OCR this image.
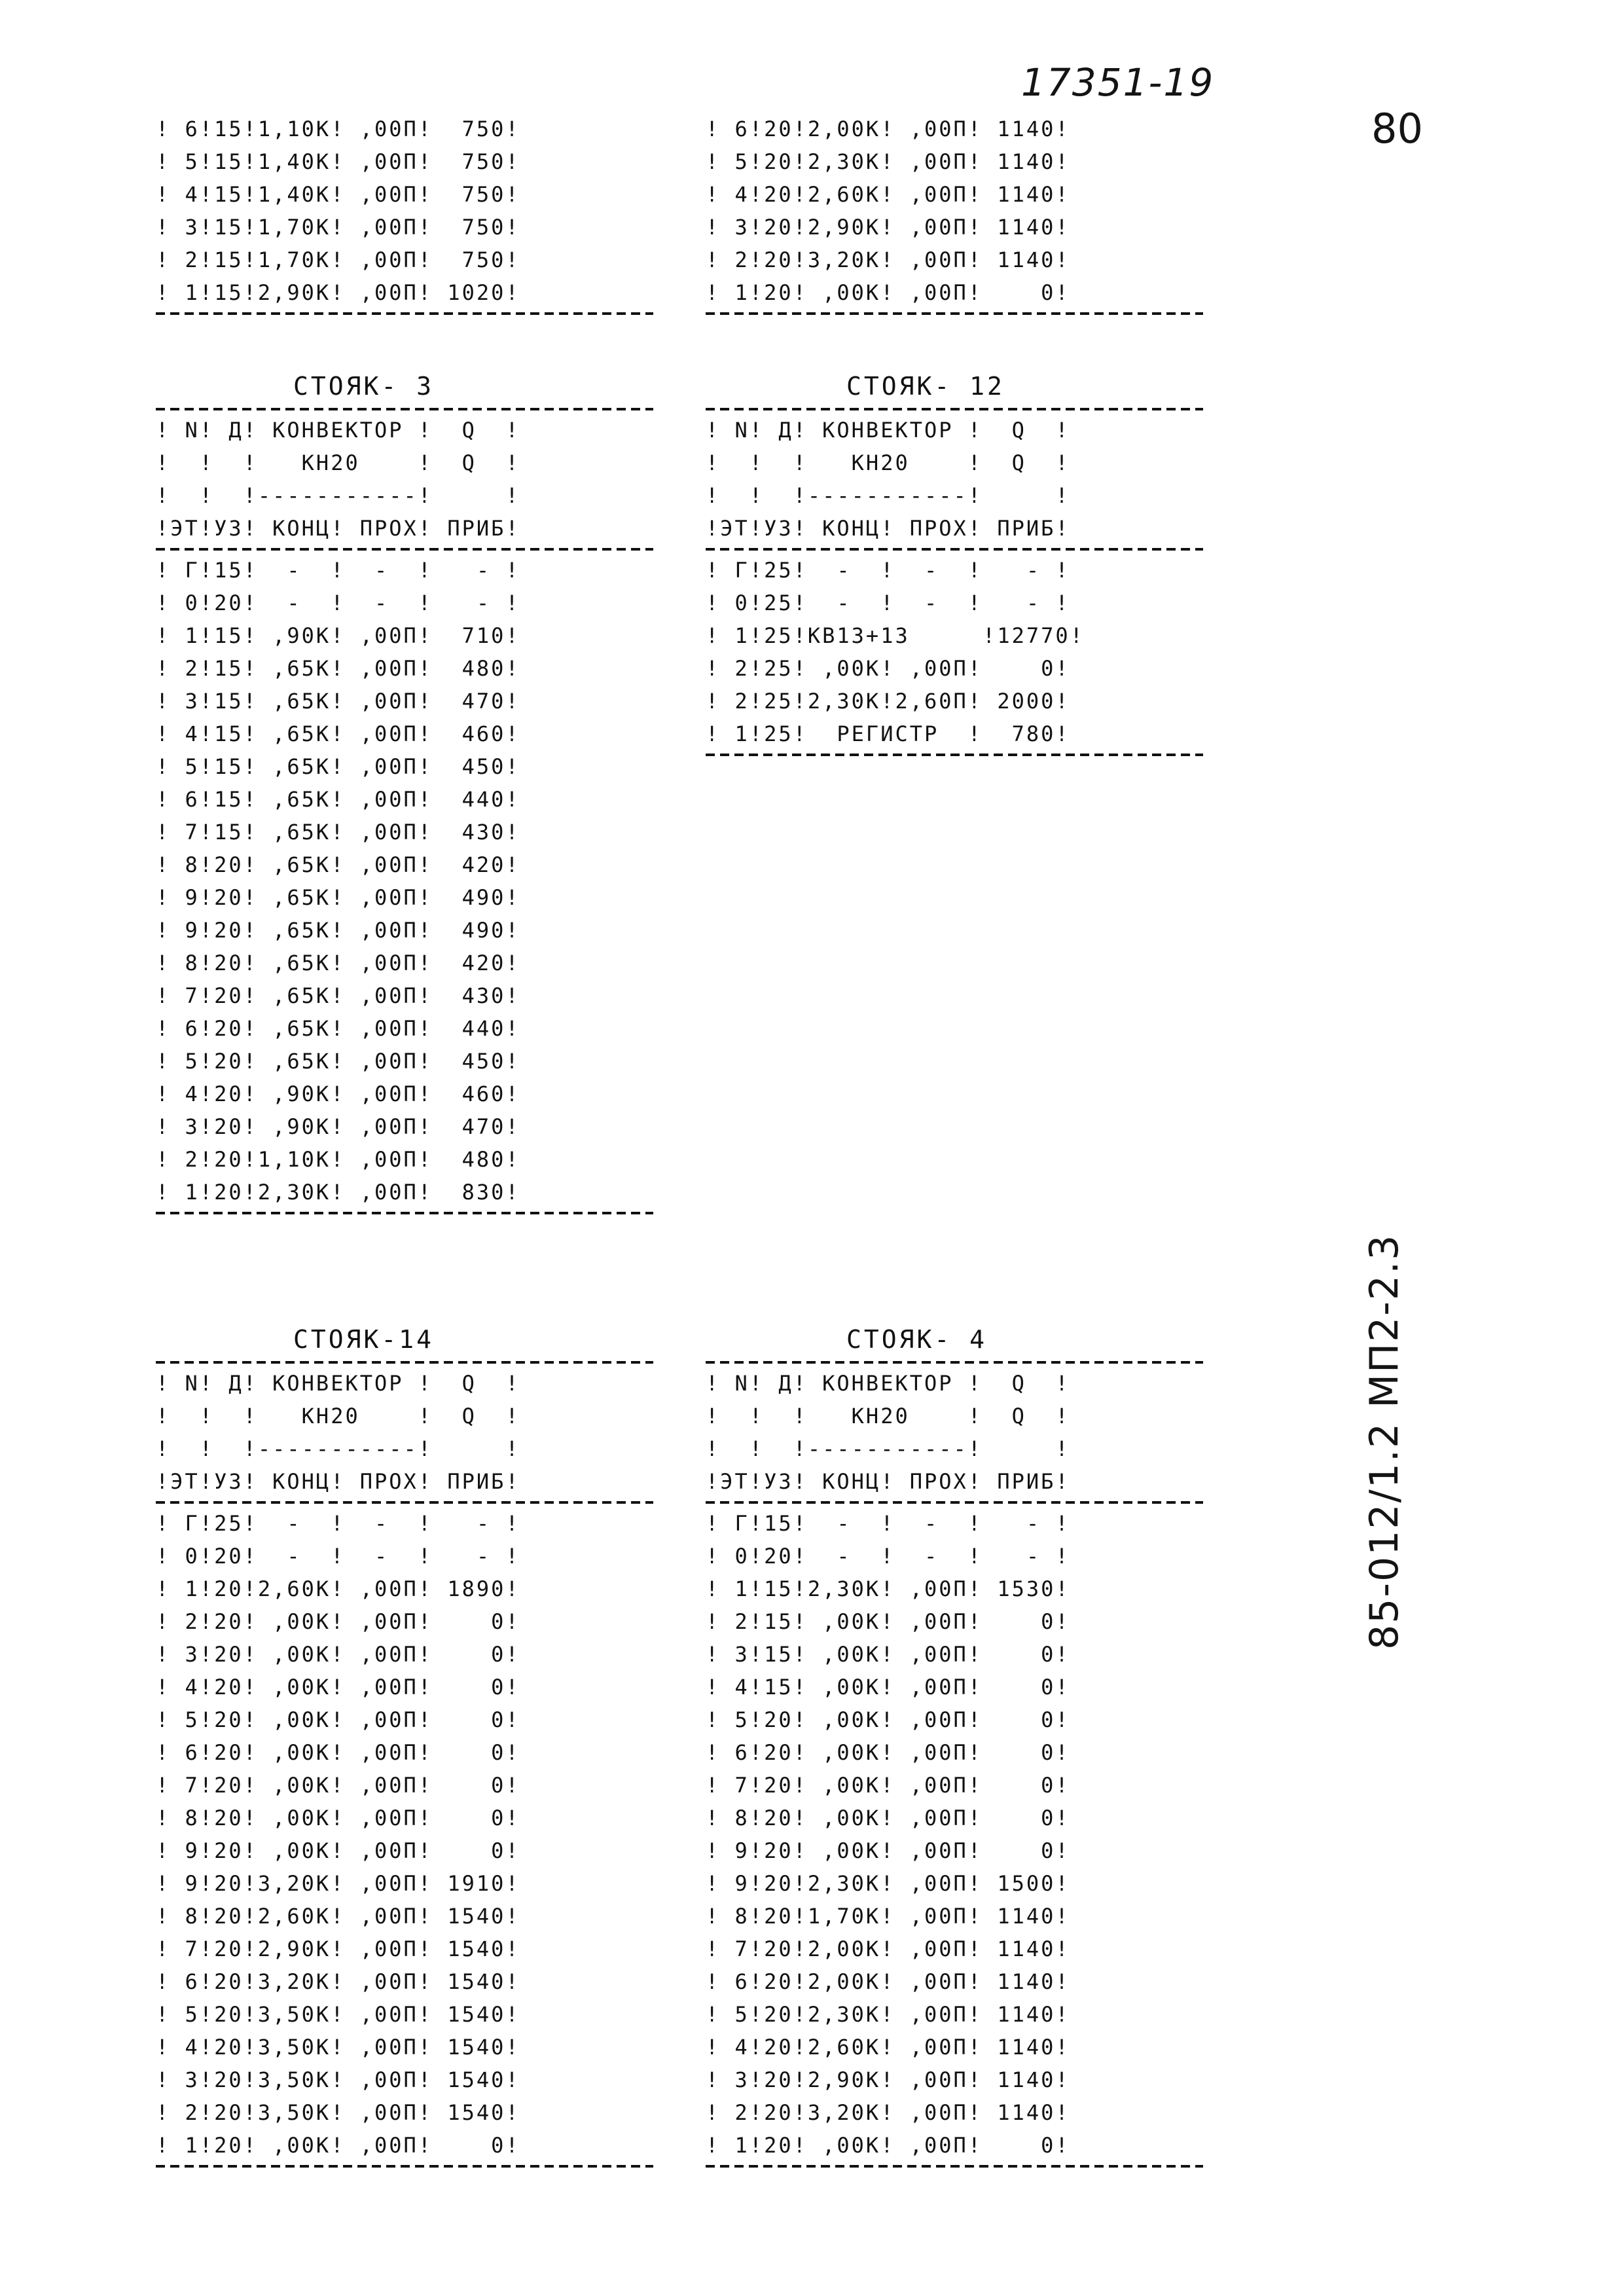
17351-19
80
85-012/1.2 МП2-2.3
! 6!15!1,10К! ,00П!  750!
! 5!15!1,40К! ,00П!  750!
! 4!15!1,40К! ,00П!  750!
! 3!15!1,70К! ,00П!  750!
! 2!15!1,70К! ,00П!  750!
! 1!15!2,90К! ,00П! 1020!
! 6!20!2,00К! ,00П! 1140!
! 5!20!2,30К! ,00П! 1140!
! 4!20!2,60К! ,00П! 1140!
! 3!20!2,90К! ,00П! 1140!
! 2!20!3,20К! ,00П! 1140!
! 1!20! ,00К! ,00П!    0!
СТОЯК- 3
! N! Д! КОНВЕКТОР !  Q  !
!  !  !   КН20    !  Q  !
!  !  !-----------!     !
!ЭТ!УЗ! КОНЦ! ПРОХ! ПРИБ!
! Г!15!  -  !  -  !   - !
! 0!20!  -  !  -  !   - !
! 1!15! ,90К! ,00П!  710!
! 2!15! ,65К! ,00П!  480!
! 3!15! ,65К! ,00П!  470!
! 4!15! ,65К! ,00П!  460!
! 5!15! ,65К! ,00П!  450!
! 6!15! ,65К! ,00П!  440!
! 7!15! ,65К! ,00П!  430!
! 8!20! ,65К! ,00П!  420!
! 9!20! ,65К! ,00П!  490!
! 9!20! ,65К! ,00П!  490!
! 8!20! ,65К! ,00П!  420!
! 7!20! ,65К! ,00П!  430!
! 6!20! ,65К! ,00П!  440!
! 5!20! ,65К! ,00П!  450!
! 4!20! ,90К! ,00П!  460!
! 3!20! ,90К! ,00П!  470!
! 2!20!1,10К! ,00П!  480!
! 1!20!2,30К! ,00П!  830!
СТОЯК- 12
! N! Д! КОНВЕКТОР !  Q  !
!  !  !   КН20    !  Q  !
!  !  !-----------!     !
!ЭТ!УЗ! КОНЦ! ПРОХ! ПРИБ!
! Г!25!  -  !  -  !   - !
! 0!25!  -  !  -  !   - !
! 1!25!КВ13+13     !12770!
! 2!25! ,00К! ,00П!    0!
! 2!25!2,30К!2,60П! 2000!
! 1!25!  РЕГИСТР  !  780!
СТОЯК-14
! N! Д! КОНВЕКТОР !  Q  !
!  !  !   КН20    !  Q  !
!  !  !-----------!     !
!ЭТ!УЗ! КОНЦ! ПРОХ! ПРИБ!
! Г!25!  -  !  -  !   - !
! 0!20!  -  !  -  !   - !
! 1!20!2,60К! ,00П! 1890!
! 2!20! ,00К! ,00П!    0!
! 3!20! ,00К! ,00П!    0!
! 4!20! ,00К! ,00П!    0!
! 5!20! ,00К! ,00П!    0!
! 6!20! ,00К! ,00П!    0!
! 7!20! ,00К! ,00П!    0!
! 8!20! ,00К! ,00П!    0!
! 9!20! ,00К! ,00П!    0!
! 9!20!3,20К! ,00П! 1910!
! 8!20!2,60К! ,00П! 1540!
! 7!20!2,90К! ,00П! 1540!
! 6!20!3,20К! ,00П! 1540!
! 5!20!3,50К! ,00П! 1540!
! 4!20!3,50К! ,00П! 1540!
! 3!20!3,50К! ,00П! 1540!
! 2!20!3,50К! ,00П! 1540!
! 1!20! ,00К! ,00П!    0!
СТОЯК- 4
! N! Д! КОНВЕКТОР !  Q  !
!  !  !   КН20    !  Q  !
!  !  !-----------!     !
!ЭТ!УЗ! КОНЦ! ПРОХ! ПРИБ!
! Г!15!  -  !  -  !   - !
! 0!20!  -  !  -  !   - !
! 1!15!2,30К! ,00П! 1530!
! 2!15! ,00К! ,00П!    0!
! 3!15! ,00К! ,00П!    0!
! 4!15! ,00К! ,00П!    0!
! 5!20! ,00К! ,00П!    0!
! 6!20! ,00К! ,00П!    0!
! 7!20! ,00К! ,00П!    0!
! 8!20! ,00К! ,00П!    0!
! 9!20! ,00К! ,00П!    0!
! 9!20!2,30К! ,00П! 1500!
! 8!20!1,70К! ,00П! 1140!
! 7!20!2,00К! ,00П! 1140!
! 6!20!2,00К! ,00П! 1140!
! 5!20!2,30К! ,00П! 1140!
! 4!20!2,60К! ,00П! 1140!
! 3!20!2,90К! ,00П! 1140!
! 2!20!3,20К! ,00П! 1140!
! 1!20! ,00К! ,00П!    0!
